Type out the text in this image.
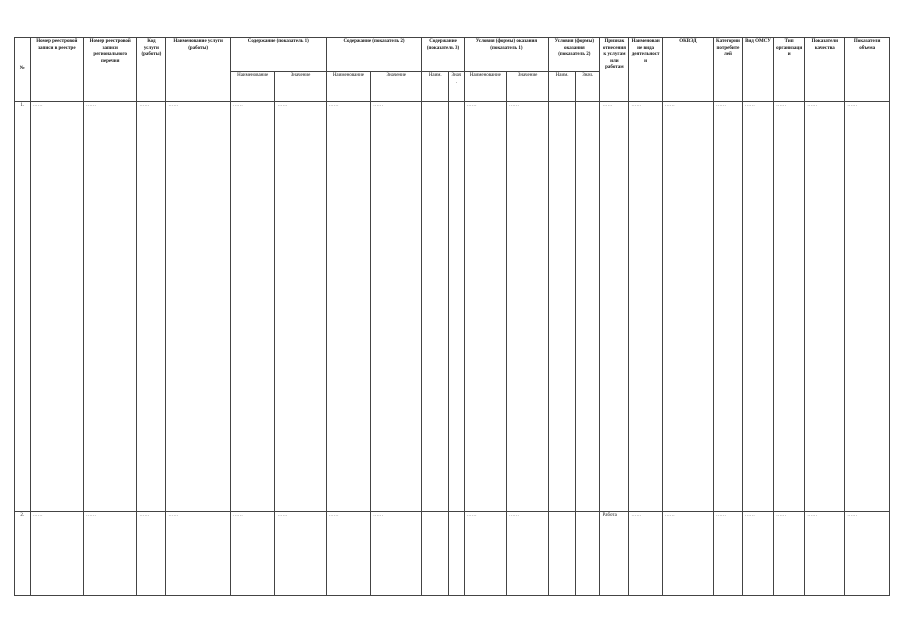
№	Номер реестровой записи в реестре	Номер реестровой записи регионального перечня	Код услуги (работы)	Наименование услуги (работы)	Содержание (показатель 1)		Содержание (показатель 2)		Содержание (показатель 3)		Условия (формы) оказания (показатель 1)		Условия (формы) оказания (показатель 2)		Признак отнесения к услугам или работам	Наименование вида деятельности	ОКВЭД	Категории потребителей	Вид ОМСУ	Тип организации	Показатели качества	Показатели объема
					Наименование	Значение	Наименование	Значение	Наим.	Знач.	Наименование	Значение	Наим.	Знач.								
1.	……	……	……	……	……	……	……	……			……	……			……	……	……	……	……	……	……	……
2.	……	……	……	……	……	……	……	……			……	……			Работа	……	……	……	……	……	……	……
